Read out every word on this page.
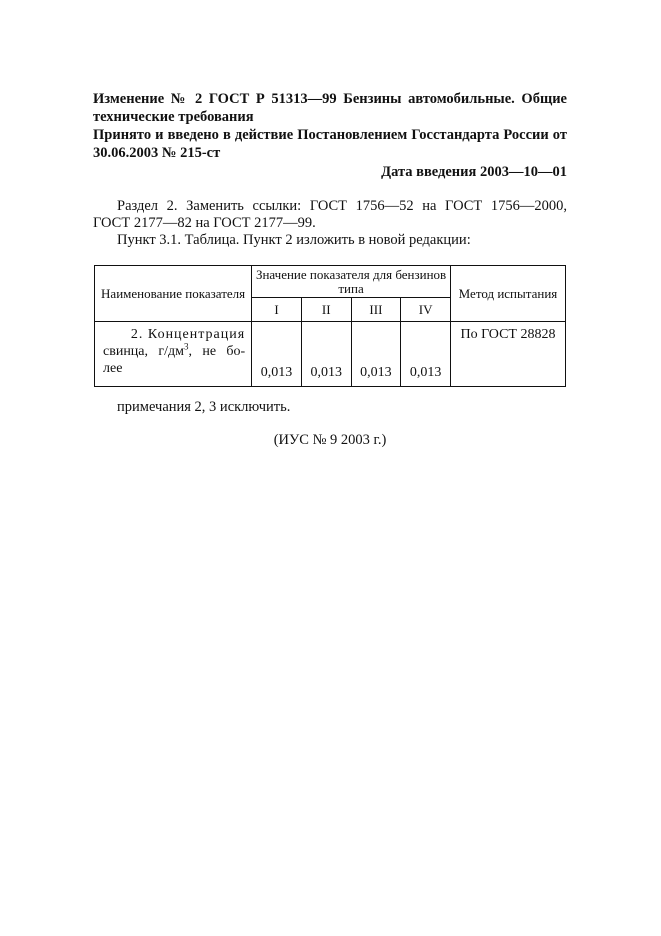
Изменение № 2 ГОСТ Р 51313—99 Бензины автомобильные. Общие технические требования

Принято и введено в действие Постановлением Госстандарта России от 30.06.2003 № 215-ст

Дата введения 2003—10—01
Раздел 2. Заменить ссылки: ГОСТ 1756—52 на ГОСТ 1756—2000, ГОСТ 2177—82 на ГОСТ 2177—99.
Пункт 3.1. Таблица. Пункт 2 изложить в новой редакции:
Наименование показателя	Значение показателя для бензинов типа				Метод испытания
	I	II	III	IV	

2. Концентрация
свинца, $г/дм^3$, не бо-
лее	0,013	0,013	0,013	0,013	По ГОСТ 28828
примечания 2, 3 исключить.
(ИУС № 9 2003 г.)
